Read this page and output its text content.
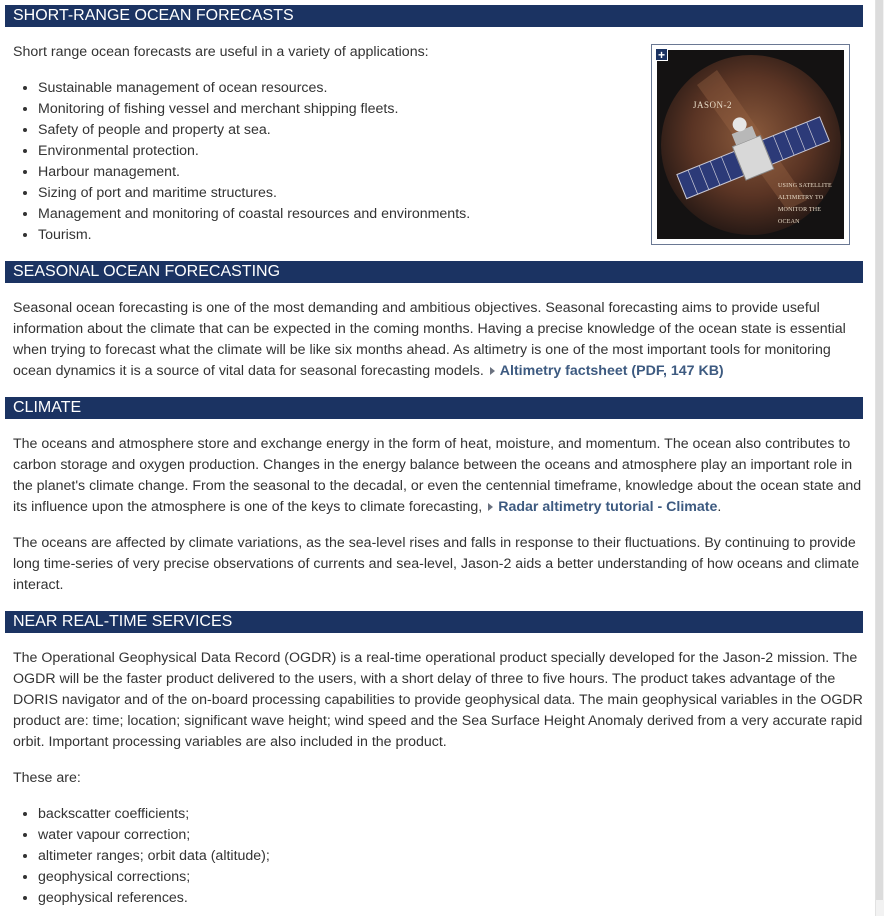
SHORT-RANGE OCEAN FORECASTS

Short range ocean forecasts are useful in a variety of applications:

• Sustainable management of ocean resources.
• Monitoring of fishing vessel and merchant shipping fleets.
• Safety of people and property at sea.
• Environmental protection.
• Harbour management.
• Sizing of port and maritime structures.
• Management and monitoring of coastal resources and environments.
• Tourism.
+
JASON-2
USING SATELLITE
ALTIMETRY TO
MONITOR THE
OCEAN
SEASONAL OCEAN FORECASTING

Seasonal ocean forecasting is one of the most demanding and ambitious objectives. Seasonal forecasting aims to provide useful information about the climate that can be expected in the coming months. Having a precise knowledge of the ocean state is essential when trying to forecast what the climate will be like six months ahead. As altimetry is one of the most important tools for monitoring ocean dynamics it is a source of vital data for seasonal forecasting models. Altimetry factsheet (PDF, 147 KB)

CLIMATE

The oceans and atmosphere store and exchange energy in the form of heat, moisture, and momentum. The ocean also contributes to carbon storage and oxygen production. Changes in the energy balance between the oceans and atmosphere play an important role in the planet's climate change. From the seasonal to the decadal, or even the centennial timeframe, knowledge about the ocean state and its influence upon the atmosphere is one of the keys to climate forecasting, Radar altimetry tutorial - Climate.

The oceans are affected by climate variations, as the sea-level rises and falls in response to their fluctuations. By continuing to provide long time-series of very precise observations of currents and sea-level, Jason-2 aids a better understanding of how oceans and climate interact.

NEAR REAL-TIME SERVICES

The Operational Geophysical Data Record (OGDR) is a real-time operational product specially developed for the Jason-2 mission. The OGDR will be the faster product delivered to the users, with a short delay of three to five hours. The product takes advantage of the DORIS navigator and of the on-board processing capabilities to provide geophysical data. The main geophysical variables in the OGDR product are: time; location; significant wave height; wind speed and the Sea Surface Height Anomaly derived from a very accurate rapid orbit. Important processing variables are also included in the product.

These are:

• backscatter coefficients;
• water vapour correction;
• altimeter ranges; orbit data (altitude);
• geophysical corrections;
• geophysical references.
